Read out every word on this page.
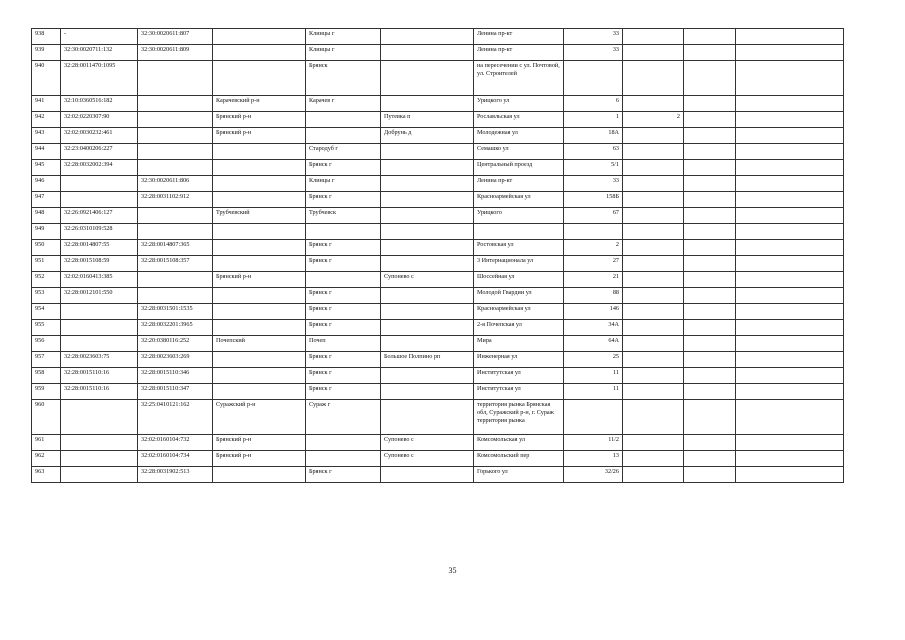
938	-	32:30:0020611:807		Клинцы г		Ленина пр-кт	33			
939	32:30:0020711:132	32:30:0020611:809		Клинцы г		Ленина пр-кт	33			
940	32:28:0011470:1095			Брянск		на пересечении с ул. Почтовой, ул. Строителей				
941	32:10:0360516:182		Карачевский р-н	Карачев г		Урицкого ул	6			
942	32:02:0220307:90		Брянский р-н		Путевка п	Рославльская ул	1	2		
943	32:02:0030232:461		Брянский р-н		Добрунь д	Молодежная ул	18А			
944	32:23:0400206:227			Стародуб г		Семашко ул	63			
945	32:28:0032002:394			Брянск г		Центральный проезд	5/1			
946		32:30:0020611:806		Клинцы г		Ленина пр-кт	33			
947		32:28:0031102:912		Брянск г		Красноармейская ул	158Б			
948	32:26:0921406:127		Трубчевский	Трубчевск		Урицкого	67			
949	32:26:0310109:528									
950	32:28:0014807:55	32:28:0014807:365		Брянск г		Ростовская ул	2			
951	32:28:0015108:59	32:28:0015108:357		Брянск г		3 Интернационала ул	27			
952	32:02:0160413:385		Брянский р-н		Супонево с	Шоссейная ул	21			
953	32:28:0012101:550			Брянск г		Молодой Гвардии ул	88			
954		32:28:0031501:1535		Брянск г		Красноармейская ул	146			
955		32:28:0032201:3965		Брянск г		2-я Почепская ул	34А			
956		32:20:0380116:252	Почепский	Почеп		Мира	64А			
957	32:28:0023603:75	32:28:0023603:269		Брянск г	Большое Полпино рп	Инженерная ул	25			
958	32:28:0015110:16	32:28:0015110:346		Брянск г		Институтская ул	11			
959	32:28:0015110:16	32:28:0015110:347		Брянск г		Институтская ул	11			
960		32:25:0410121:162	Суражский р-н	Сураж г		территория рынка Брянская обл, Суражский р-н, г. Сураж территория рынка				
961		32:02:0160104:732	Брянский р-н		Супонево с	Комсомольская ул	11/2			
962		32:02:0160104:734	Брянский р-н		Супонево с	Комсомольский пер	13			
963		32:28:0031902:513		Брянск г		Горького ул	32/26			
35
